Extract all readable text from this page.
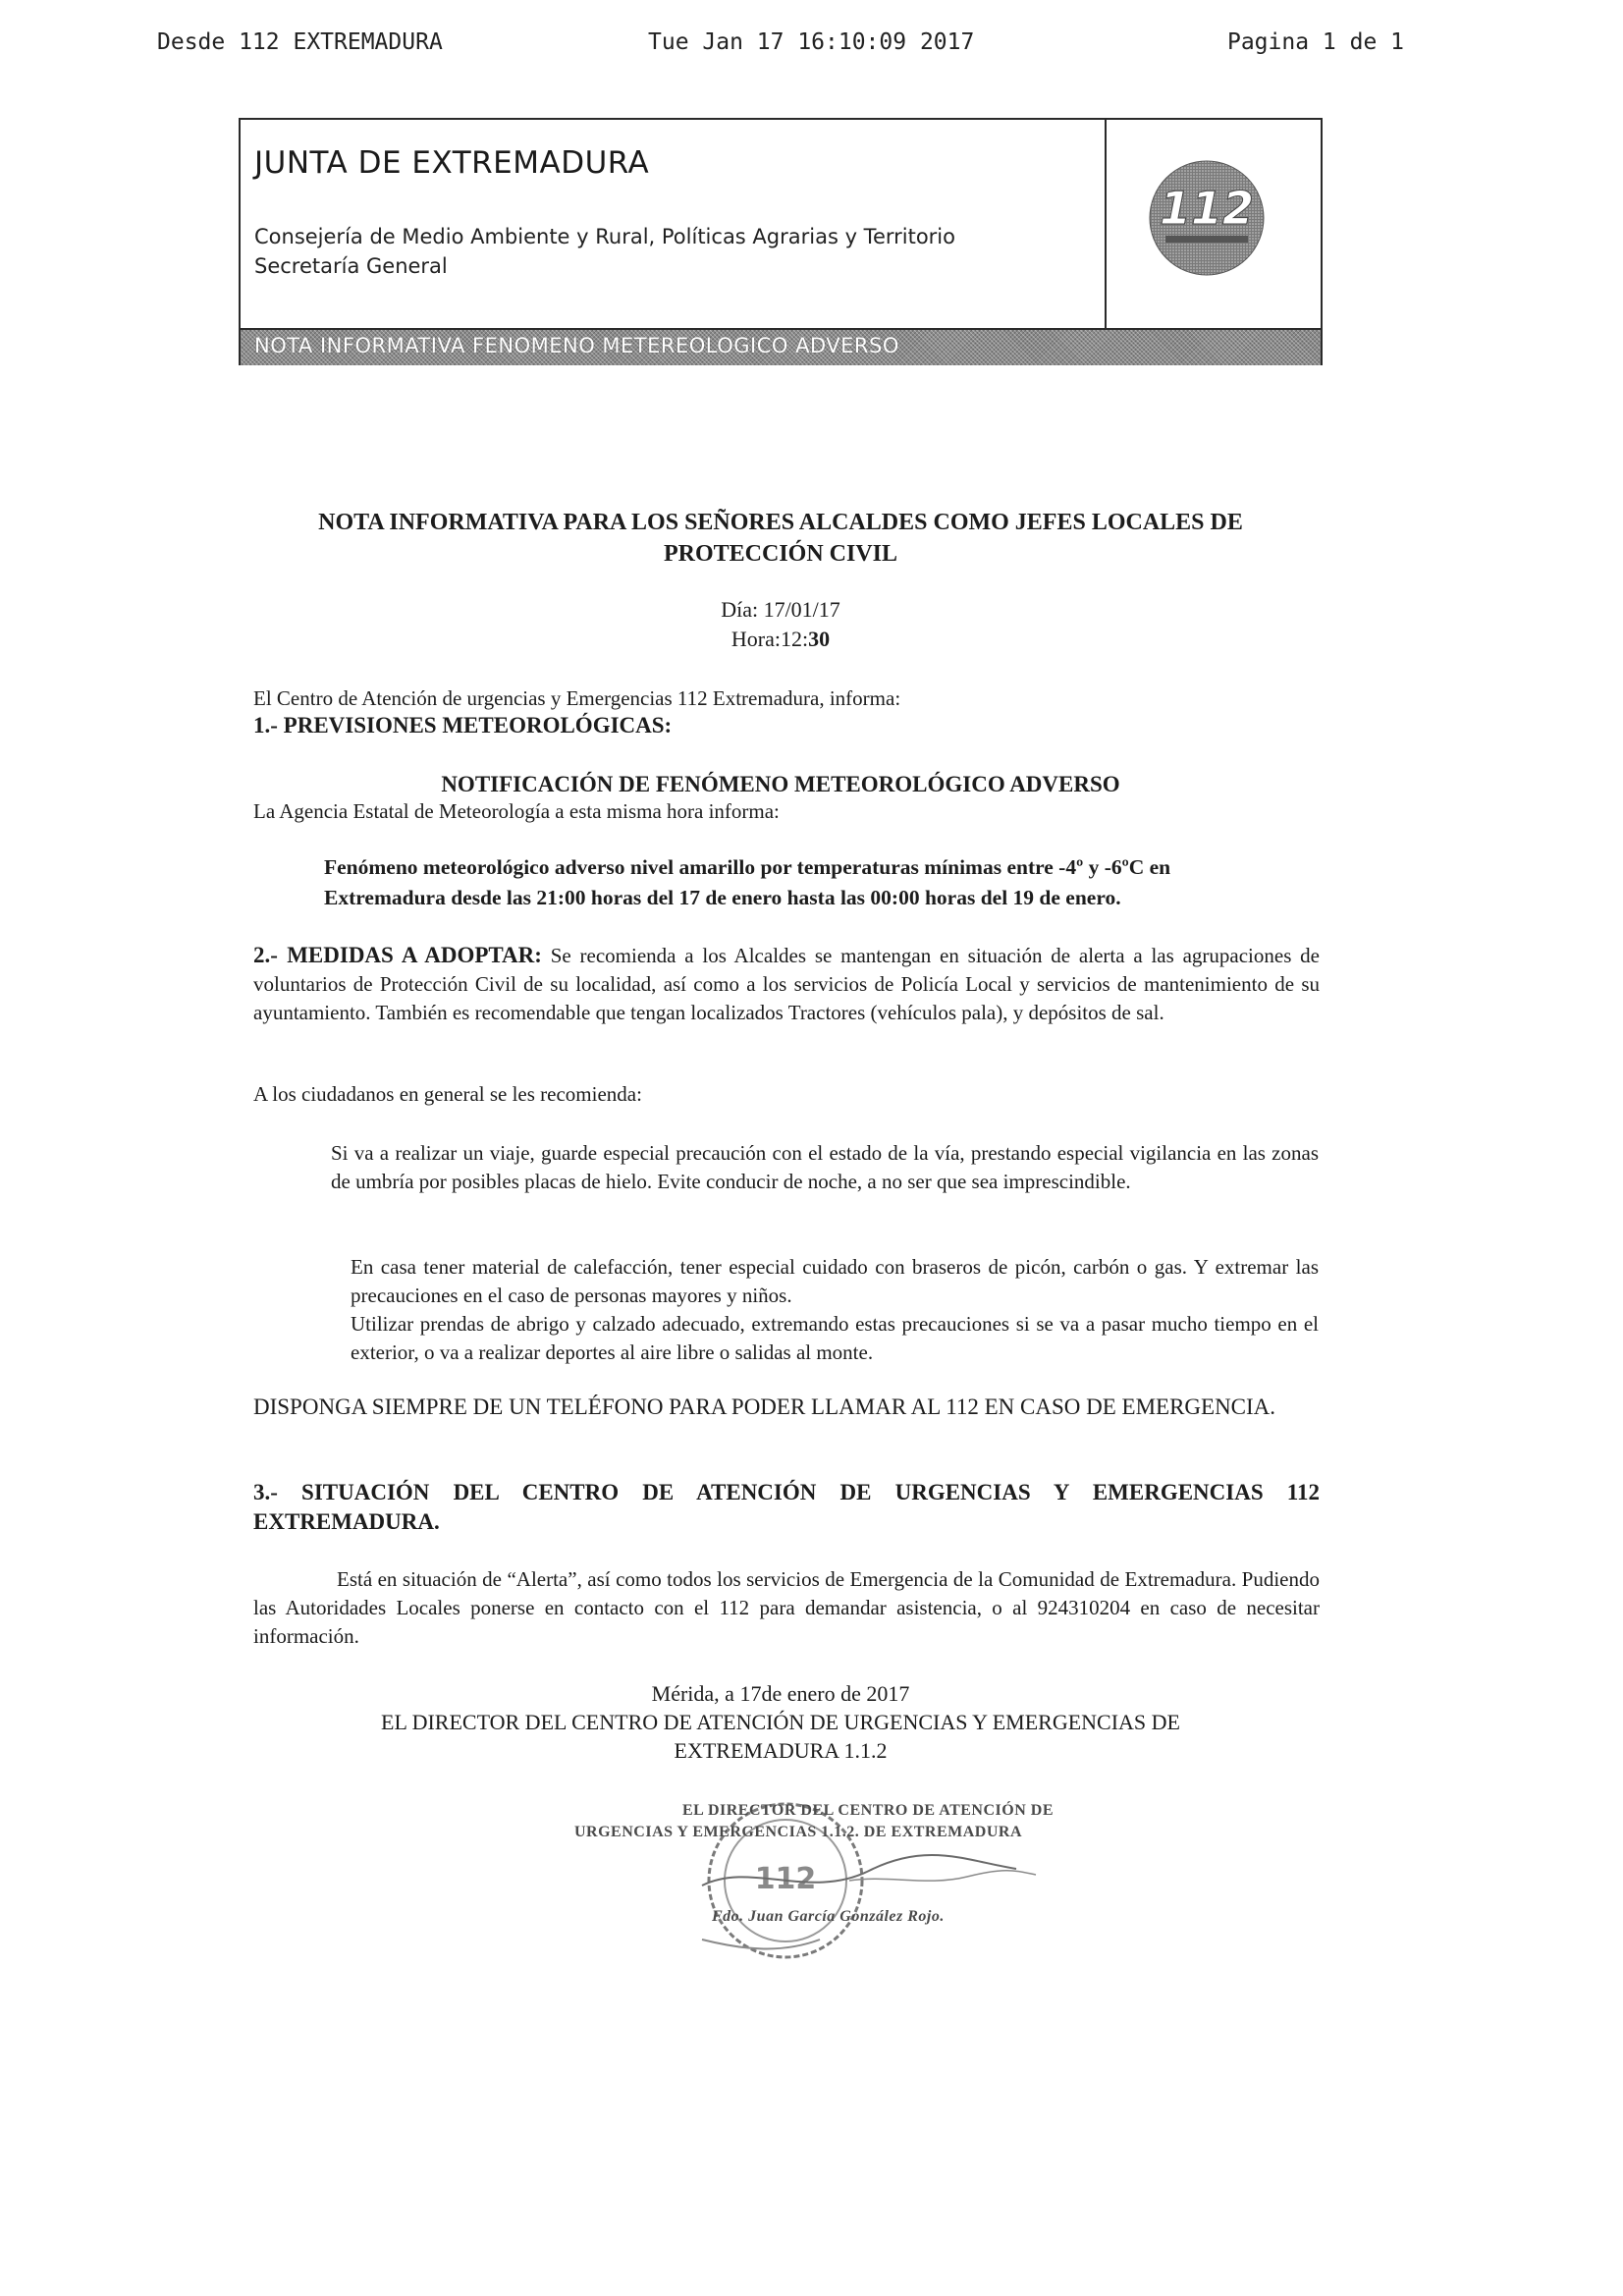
Desde 112 EXTREMADURA	Tue Jan 17 16:10:09 2017	Pagina 1 de 1
JUNTA DE EXTREMADURA
Consejería de Medio Ambiente y Rural, Políticas Agrarias y Territorio
Secretaría General
112
NOTA INFORMATIVA FENOMENO METEREOLOGICO ADVERSO
NOTA INFORMATIVA PARA LOS SEÑORES ALCALDES COMO JEFES LOCALES DE
PROTECCIÓN CIVIL
Día: 17/01/17
Hora:12:30
El Centro de Atención de urgencias y Emergencias 112 Extremadura, informa:
1.- PREVISIONES METEOROLÓGICAS:
NOTIFICACIÓN DE FENÓMENO METEOROLÓGICO ADVERSO
La Agencia Estatal de Meteorología a esta misma hora informa:
Fenómeno meteorológico adverso nivel amarillo por temperaturas mínimas entre -4º y -6ºC en
Extremadura desde las 21:00 horas del 17 de enero hasta las 00:00 horas del 19 de enero.
2.- MEDIDAS A ADOPTAR: Se recomienda a los Alcaldes se mantengan en situación de alerta a las agrupaciones de voluntarios de Protección Civil de su localidad, así como a los servicios de Policía Local y servicios de mantenimiento de su ayuntamiento. También es recomendable que tengan localizados Tractores (vehículos pala), y depósitos de sal.
A los ciudadanos en general se les recomienda:
Si va a realizar un viaje, guarde especial precaución con el estado de la vía, prestando especial vigilancia en las zonas de umbría por posibles placas de hielo. Evite conducir de noche, a no ser que sea imprescindible.
En casa tener material de calefacción, tener especial cuidado con braseros de picón, carbón o gas. Y extremar las precauciones en el caso de personas mayores y niños.
Utilizar prendas de abrigo y calzado adecuado, extremando estas precauciones si se va a pasar mucho tiempo en el exterior, o va a realizar deportes al aire libre o salidas al monte.
DISPONGA SIEMPRE DE UN TELÉFONO PARA PODER LLAMAR AL 112 EN CASO DE EMERGENCIA.
3.- SITUACIÓN DEL CENTRO DE ATENCIÓN DE URGENCIAS Y EMERGENCIAS 112 EXTREMADURA.
Está en situación de “Alerta”, así como todos los servicios de Emergencia de la Comunidad de Extremadura. Pudiendo las Autoridades Locales ponerse en contacto con el 112 para demandar asistencia, o al 924310204 en caso de necesitar información.
Mérida, a 17de enero de 2017
EL DIRECTOR DEL CENTRO DE ATENCIÓN DE URGENCIAS Y EMERGENCIAS DE
EXTREMADURA 1.1.2
112
EL DIRECTOR DEL CENTRO DE ATENCIÓN DE
URGENCIAS Y EMERGENCIAS 1.1.2. DE EXTREMADURA
Fdo. Juan García González Rojo.
